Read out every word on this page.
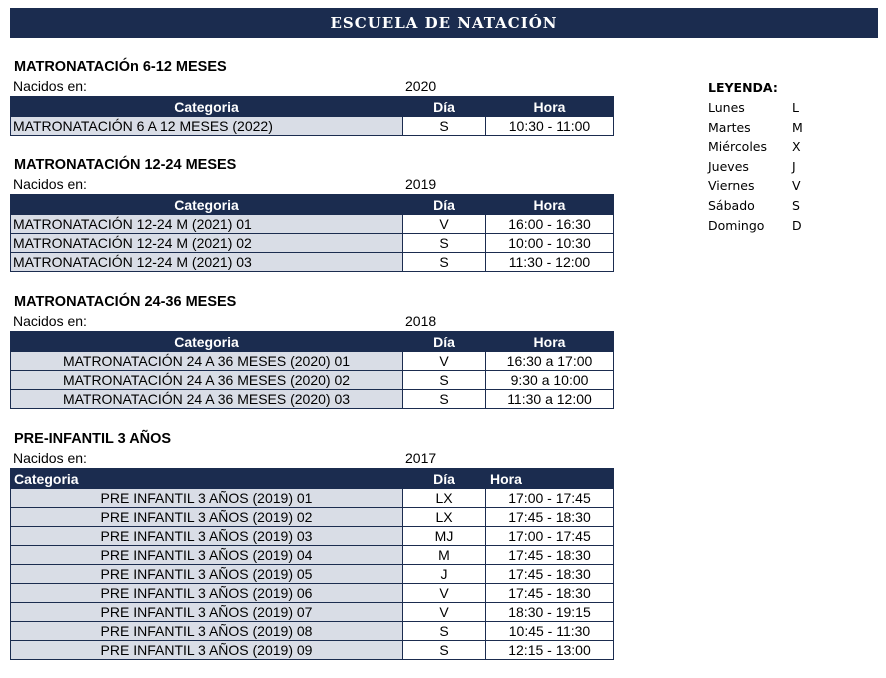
ESCUELA DE NATACIÓN
MATRONATACIÓn 6-12 MESES
Nacidos en:	2020
Categoria	Día	Hora
MATRONATACIÓN 6 A 12 MESES (2022)	S	10:30 - 11:00
MATRONATACIÓN 12-24 MESES
Nacidos en:	2019
Categoria	Día	Hora
MATRONATACIÓN 12-24 M (2021) 01	V	16:00 - 16:30
MATRONATACIÓN 12-24 M (2021) 02	S	10:00 - 10:30
MATRONATACIÓN 12-24 M (2021) 03	S	11:30 - 12:00
MATRONATACIÓN 24-36 MESES
Nacidos en:	2018
Categoria	Día	Hora
MATRONATACIÓN 24 A 36 MESES (2020) 01	V	16:30 a 17:00
MATRONATACIÓN 24 A 36 MESES (2020) 02	S	9:30 a 10:00
MATRONATACIÓN 24 A 36 MESES (2020) 03	S	11:30 a 12:00
PRE-INFANTIL 3 AÑOS
Nacidos en:	2017
Categoria	Día	Hora
PRE INFANTIL 3 AÑOS (2019) 01	LX	17:00 - 17:45
PRE INFANTIL 3 AÑOS (2019) 02	LX	17:45 - 18:30
PRE INFANTIL 3 AÑOS (2019) 03	MJ	17:00 - 17:45
PRE INFANTIL 3 AÑOS (2019) 04	M	17:45 - 18:30
PRE INFANTIL 3 AÑOS (2019) 05	J	17:45 - 18:30
PRE INFANTIL 3 AÑOS (2019) 06	V	17:45 - 18:30
PRE INFANTIL 3 AÑOS (2019) 07	V	18:30 - 19:15
PRE INFANTIL 3 AÑOS (2019) 08	S	10:45 - 11:30
PRE INFANTIL 3 AÑOS (2019) 09	S	12:15 - 13:00
LEYENDA:
Lunes	L
Martes	M
Miércoles	X
Jueves	J
Viernes	V
Sábado	S
Domingo	D
